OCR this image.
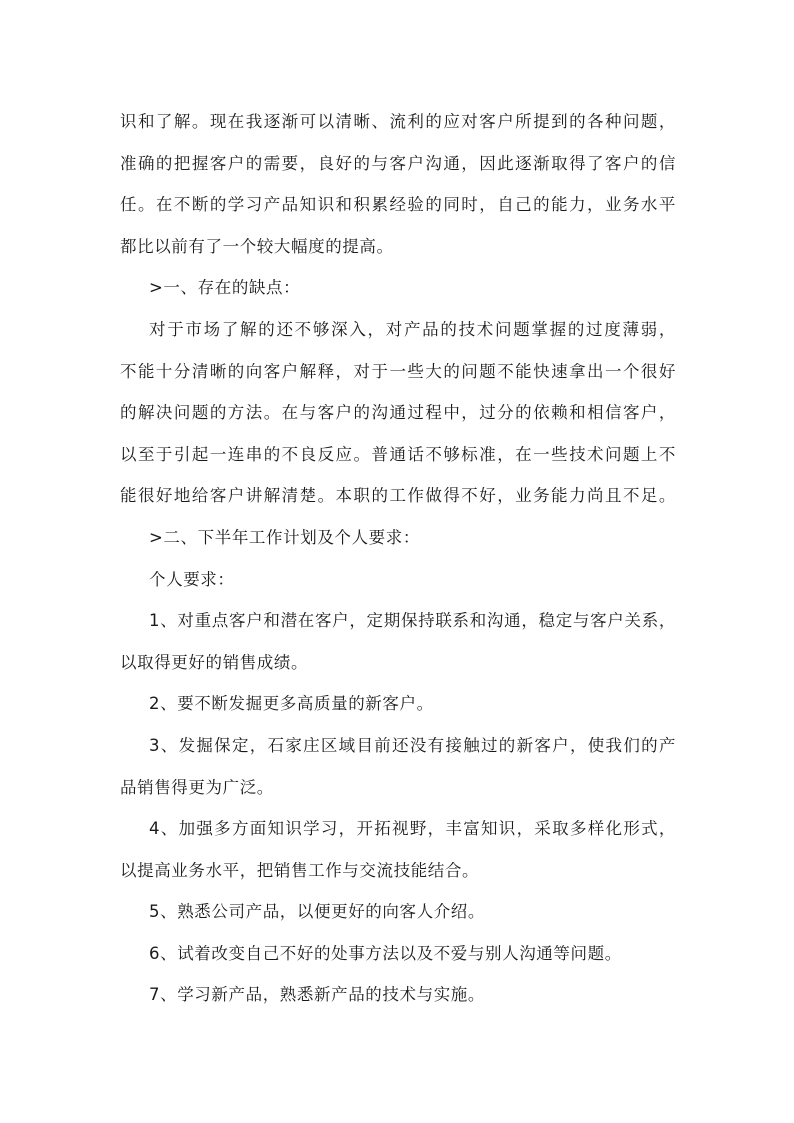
识和了解。现在我逐渐可以清晰、流利的应对客户所提到的各种问题，
准确的把握客户的需要，良好的与客户沟通，因此逐渐取得了客户的信
任。在不断的学习产品知识和积累经验的同时，自己的能力，业务水平
都比以前有了一个较大幅度的提高。
>一、存在的缺点：
对于市场了解的还不够深入，对产品的技术问题掌握的过度薄弱，
不能十分清晰的向客户解释，对于一些大的问题不能快速拿出一个很好
的解决问题的方法。在与客户的沟通过程中，过分的依赖和相信客户，
以至于引起一连串的不良反应。普通话不够标准，在一些技术问题上不
能很好地给客户讲解清楚。本职的工作做得不好，业务能力尚且不足。
>二、下半年工作计划及个人要求：
个人要求：
1、对重点客户和潜在客户，定期保持联系和沟通，稳定与客户关系，
以取得更好的销售成绩。
2、要不断发掘更多高质量的新客户。
3、发掘保定，石家庄区域目前还没有接触过的新客户，使我们的产
品销售得更为广泛。
4、加强多方面知识学习，开拓视野，丰富知识，采取多样化形式，
以提高业务水平，把销售工作与交流技能结合。
5、熟悉公司产品，以便更好的向客人介绍。
6、试着改变自己不好的处事方法以及不爱与别人沟通等问题。
7、学习新产品，熟悉新产品的技术与实施。
